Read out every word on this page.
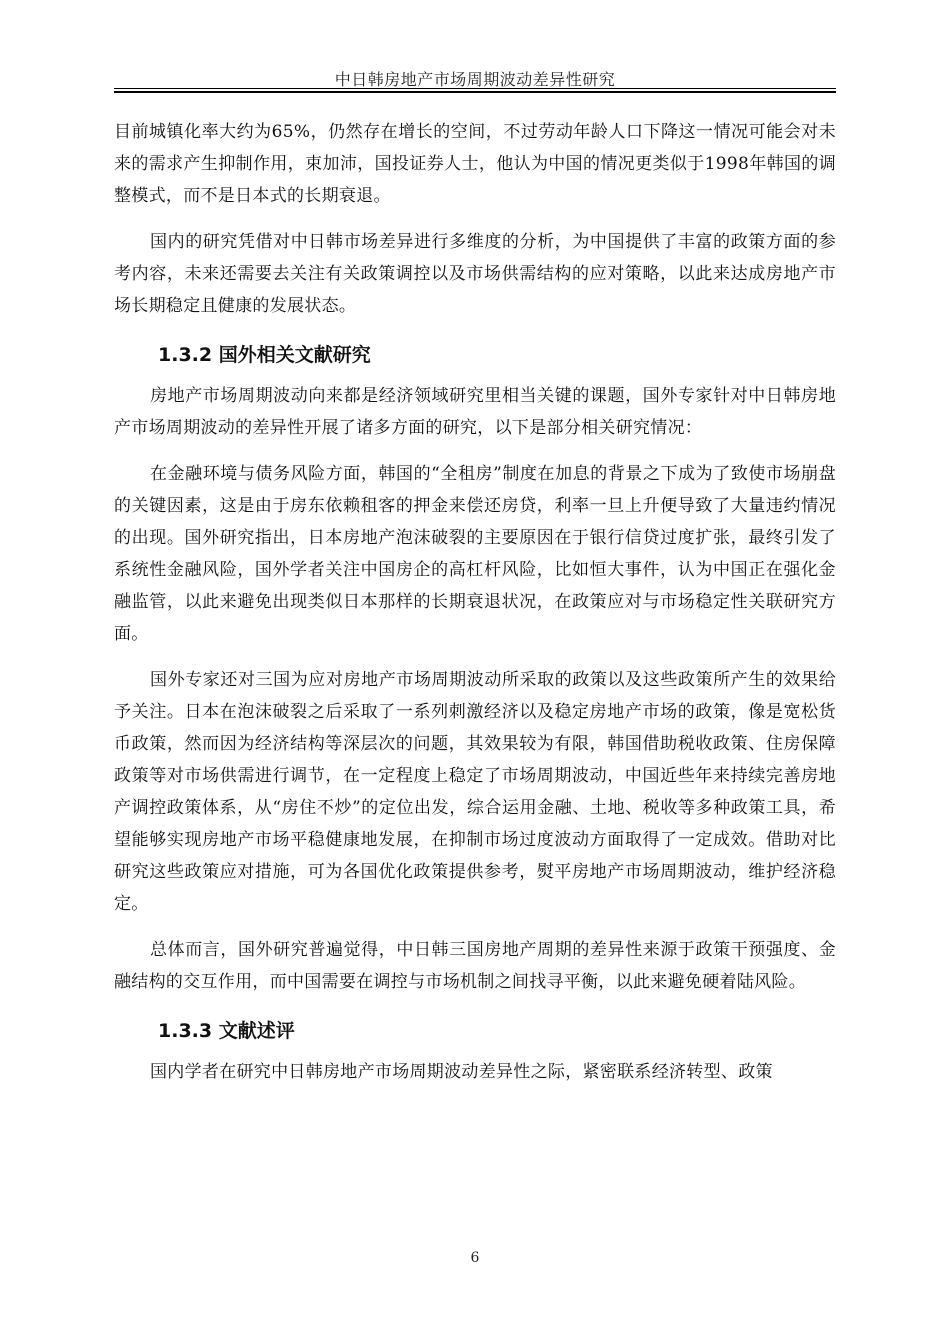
中日韩房地产市场周期波动差异性研究

目前城镇化率大约为65%，仍然存在增长的空间，不过劳动年龄人口下降这一情况可能会对未来的需求产生抑制作用，束加沛，国投证券人士，他认为中国的情况更类似于1998年韩国的调整模式，而不是日本式的长期衰退。

国内的研究凭借对中日韩市场差异进行多维度的分析，为中国提供了丰富的政策方面的参考内容，未来还需要去关注有关政策调控以及市场供需结构的应对策略，以此来达成房地产市场长期稳定且健康的发展状态。

1.3.2 国外相关文献研究

房地产市场周期波动向来都是经济领域研究里相当关键的课题，国外专家针对中日韩房地产市场周期波动的差异性开展了诸多方面的研究，以下是部分相关研究情况：

在金融环境与债务风险方面，韩国的“全租房”制度在加息的背景之下成为了致使市场崩盘的关键因素，这是由于房东依赖租客的押金来偿还房贷，利率一旦上升便导致了大量违约情况的出现。国外研究指出，日本房地产泡沫破裂的主要原因在于银行信贷过度扩张，最终引发了系统性金融风险，国外学者关注中国房企的高杠杆风险，比如恒大事件，认为中国正在强化金融监管，以此来避免出现类似日本那样的长期衰退状况，在政策应对与市场稳定性关联研究方面。

国外专家还对三国为应对房地产市场周期波动所采取的政策以及这些政策所产生的效果给予关注。日本在泡沫破裂之后采取了一系列刺激经济以及稳定房地产市场的政策，像是宽松货币政策，然而因为经济结构等深层次的问题，其效果较为有限，韩国借助税收政策、住房保障政策等对市场供需进行调节，在一定程度上稳定了市场周期波动，中国近些年来持续完善房地产调控政策体系，从“房住不炒”的定位出发，综合运用金融、土地、税收等多种政策工具，希望能够实现房地产市场平稳健康地发展，在抑制市场过度波动方面取得了一定成效。借助对比研究这些政策应对措施，可为各国优化政策提供参考，熨平房地产市场周期波动，维护经济稳定。

总体而言，国外研究普遍觉得，中日韩三国房地产周期的差异性来源于政策干预强度、金融结构的交互作用，而中国需要在调控与市场机制之间找寻平衡，以此来避免硬着陆风险。

1.3.3 文献述评

国内学者在研究中日韩房地产市场周期波动差异性之际，紧密联系经济转型、政策

6
